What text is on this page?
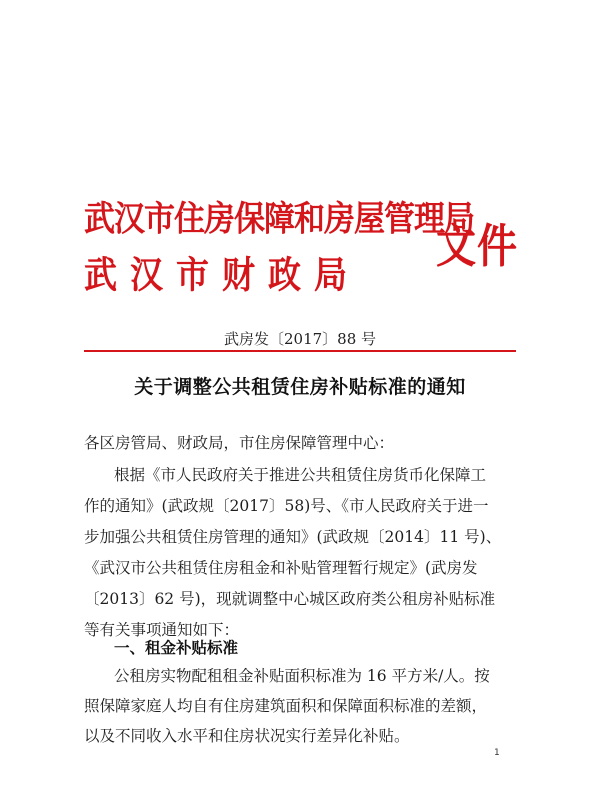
武汉市住房保障和房屋管理局
武汉市财政局
文件
武房发〔2017〕88 号
关于调整公共租赁住房补贴标准的通知
各区房管局、财政局，市住房保障管理中心：
根据《市人民政府关于推进公共租赁住房货币化保障工
作的通知》(武政规〔2017〕58)号、《市人民政府关于进一
步加强公共租赁住房管理的通知》(武政规〔2014〕11 号)、
《武汉市公共租赁住房租金和补贴管理暂行规定》(武房发
〔2013〕62 号)，现就调整中心城区政府类公租房补贴标准
等有关事项通知如下：
一、租金补贴标准
公租房实物配租租金补贴面积标准为 16 平方米/人。按
照保障家庭人均自有住房建筑面积和保障面积标准的差额，
以及不同收入水平和住房状况实行差异化补贴。
1
